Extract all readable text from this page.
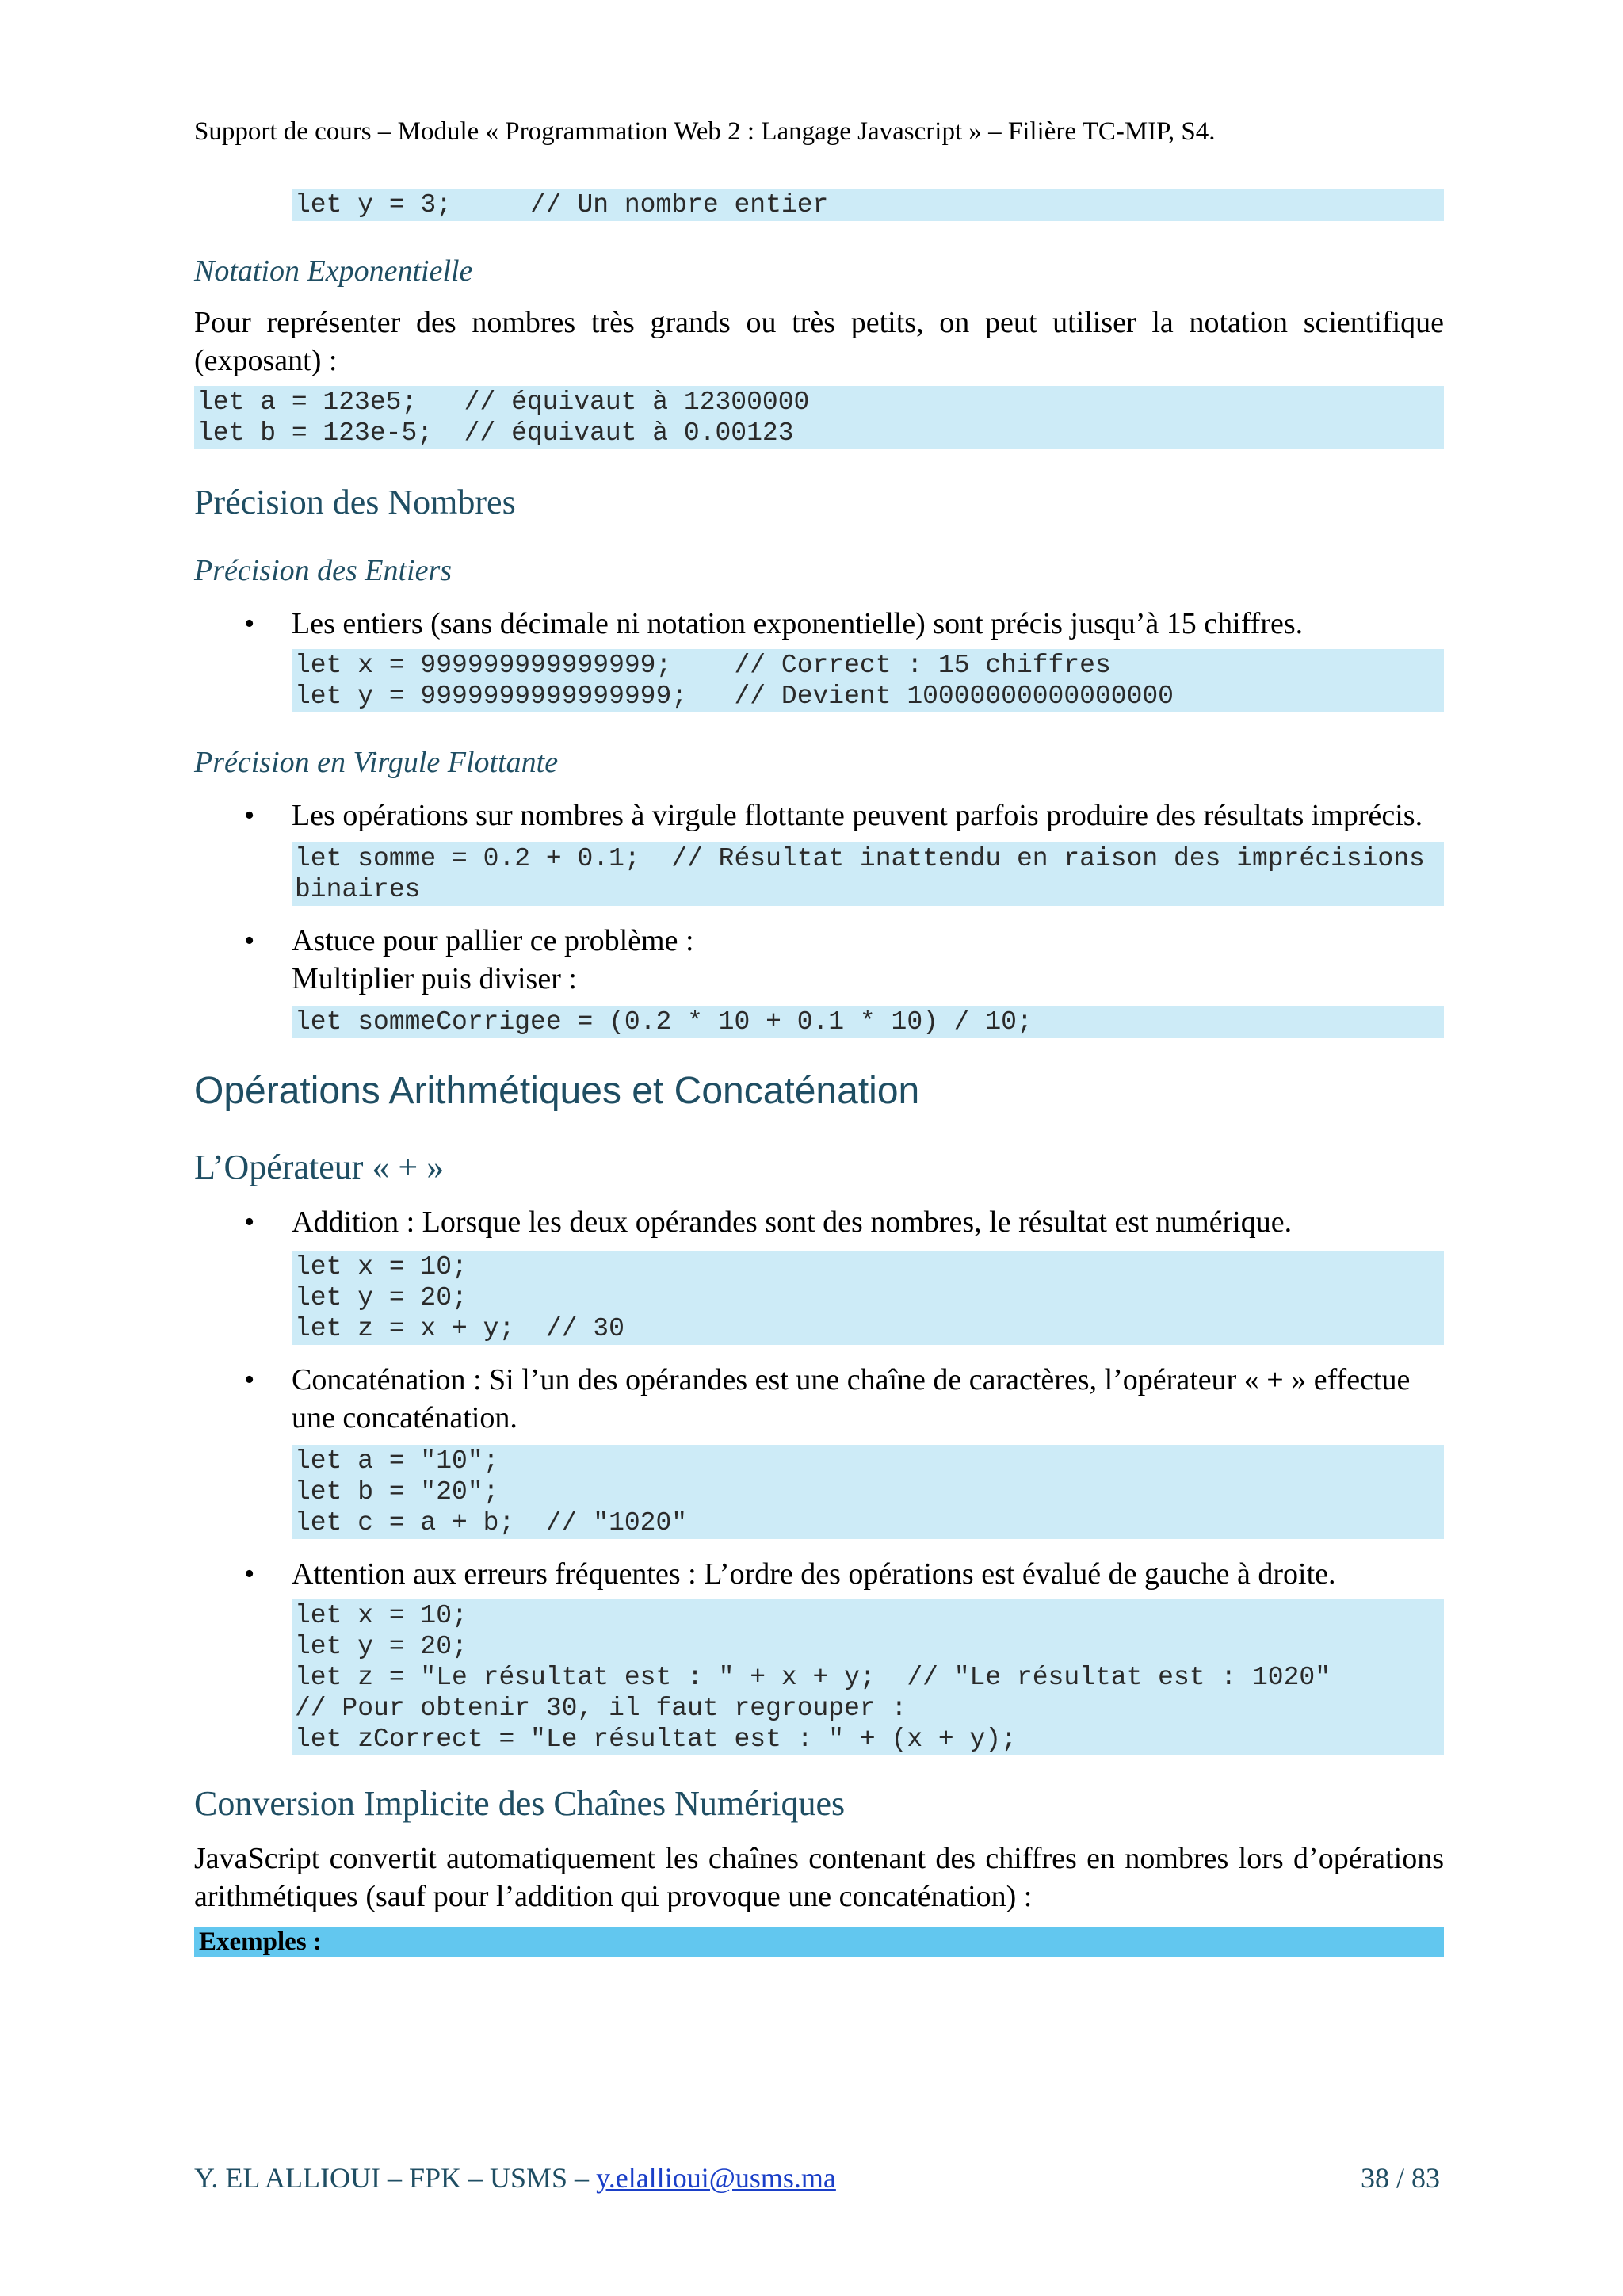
Support de cours – Module « Programmation Web 2 : Langage Javascript » – Filière TC-MIP, S4.
let y = 3;     // Un nombre entier
Notation Exponentielle
Pour représenter des nombres très grands ou très petits, on peut utiliser la notation scientifique (exposant) :
let a = 123e5;   // équivaut à 12300000
let b = 123e-5;  // équivaut à 0.00123
Précision des Nombres
Précision des Entiers
• Les entiers (sans décimale ni notation exponentielle) sont précis jusqu’à 15 chiffres.
let x = 999999999999999;    // Correct : 15 chiffres
let y = 9999999999999999;   // Devient 10000000000000000
Précision en Virgule Flottante
• Les opérations sur nombres à virgule flottante peuvent parfois produire des résultats imprécis.
let somme = 0.2 + 0.1;  // Résultat inattendu en raison des imprécisions binaires
• Astuce pour pallier ce problème :
Multiplier puis diviser :
let sommeCorrigee = (0.2 * 10 + 0.1 * 10) / 10;
Opérations Arithmétiques et Concaténation
L’Opérateur « + »
• Addition : Lorsque les deux opérandes sont des nombres, le résultat est numérique.
let x = 10;
let y = 20;
let z = x + y;  // 30
• Concaténation : Si l’un des opérandes est une chaîne de caractères, l’opérateur « + » effectue une concaténation.
let a = "10";
let b = "20";
let c = a + b;  // "1020"
• Attention aux erreurs fréquentes : L’ordre des opérations est évalué de gauche à droite.
let x = 10;
let y = 20;
let z = "Le résultat est : " + x + y;  // "Le résultat est : 1020"
// Pour obtenir 30, il faut regrouper :
let zCorrect = "Le résultat est : " + (x + y);
Conversion Implicite des Chaînes Numériques
JavaScript convertit automatiquement les chaînes contenant des chiffres en nombres lors d’opérations arithmétiques (sauf pour l’addition qui provoque une concaténation) :
Exemples :
Y. EL ALLIOUI – FPK – USMS – y.elallioui@usms.ma	38 / 83
